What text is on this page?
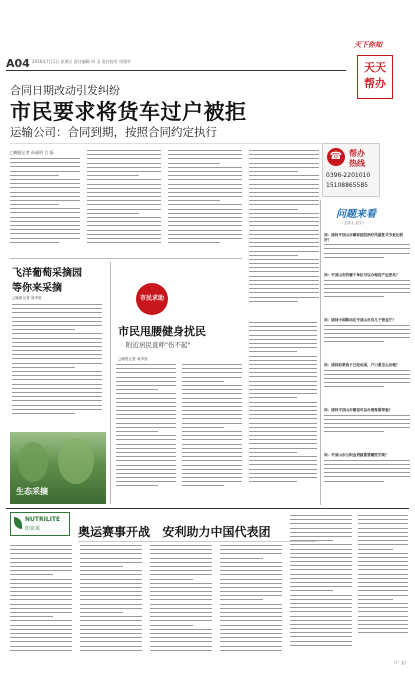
A04 2016年7月1日 星期五 责任编辑 何 灵 责任校对 胡建华
天下你知
天天帮办
合同日期改动引发纠纷
市民要求将货车过户被拒
运输公司：合同到期，按照合同约定执行
□晚报记者 孙福明 吕 磊	☎ 帮办
热线
0396-2201010
15108865585
问题来看
（主持人 赵宇）
问：请问平顶山市哪家医院治疗风湿性关节炎比较好？
问：平顶山市的哪个单位可以办理房产证更名？
问：请问中国移动在平顶山市有几个营业厅？
问：请问如果孩子已经出国，户口要怎么处理？
问：请问平顶山市哪里可以办理驾照审验？
问：平顶山市公积金贷款需要哪些手续？
飞洋葡萄采摘园
等你来采摘
□晚报记者 周李张
生态采摘
市民求助
市民甩腰健身扰民
附近居民直呼"伤不起"
□晚报记者 周李张
NUTRILITE
纽崔莱	奥运赛事开战   安利助力中国代表团
（广 文）
